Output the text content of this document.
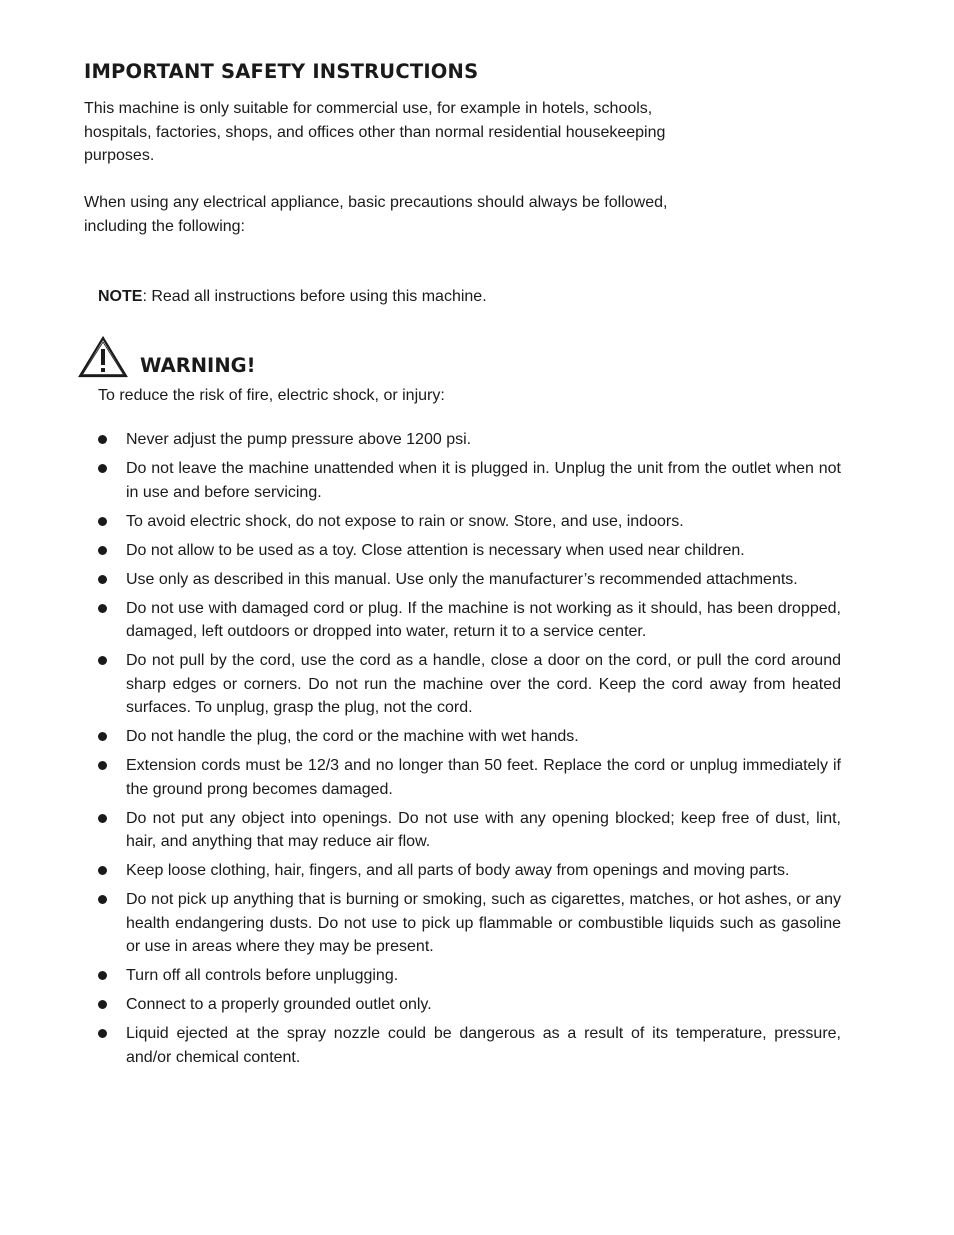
IMPORTANT SAFETY INSTRUCTIONS

This machine is only suitable for commercial use, for example in hotels, schools, hospitals, factories, shops, and offices other than normal residential housekeeping purposes.

When using any electrical appliance, basic precautions should always be followed, including the following:

NOTE: Read all instructions before using this machine.

WARNING!

To reduce the risk of fire, electric shock, or injury:

Never adjust the pump pressure above 1200 psi.
Do not leave the machine unattended when it is plugged in. Unplug the unit from the outlet when not in use and before servicing.
To avoid electric shock, do not expose to rain or snow. Store, and use, indoors.
Do not allow to be used as a toy. Close attention is necessary when used near children.
Use only as described in this manual. Use only the manufacturer’s recommended attachments.
Do not use with damaged cord or plug. If the machine is not working as it should, has been dropped, damaged, left outdoors or dropped into water, return it to a service center.
Do not pull by the cord, use the cord as a handle, close a door on the cord, or pull the cord around sharp edges or corners. Do not run the machine over the cord. Keep the cord away from heated surfaces. To unplug, grasp the plug, not the cord.
Do not handle the plug, the cord or the machine with wet hands.
Extension cords must be 12/3 and no longer than 50 feet. Replace the cord or unplug immediately if the ground prong becomes damaged.
Do not put any object into openings. Do not use with any opening blocked; keep free of dust, lint, hair, and anything that may reduce air flow.
Keep loose clothing, hair, fingers, and all parts of body away from openings and moving parts.
Do not pick up anything that is burning or smoking, such as cigarettes, matches, or hot ashes, or any health endangering dusts. Do not use to pick up flammable or combustible liquids such as gasoline or use in areas where they may be present.
Turn off all controls before unplugging.
Connect to a properly grounded outlet only.
Liquid ejected at the spray nozzle could be dangerous as a result of its temperature, pressure, and/or chemical content.
